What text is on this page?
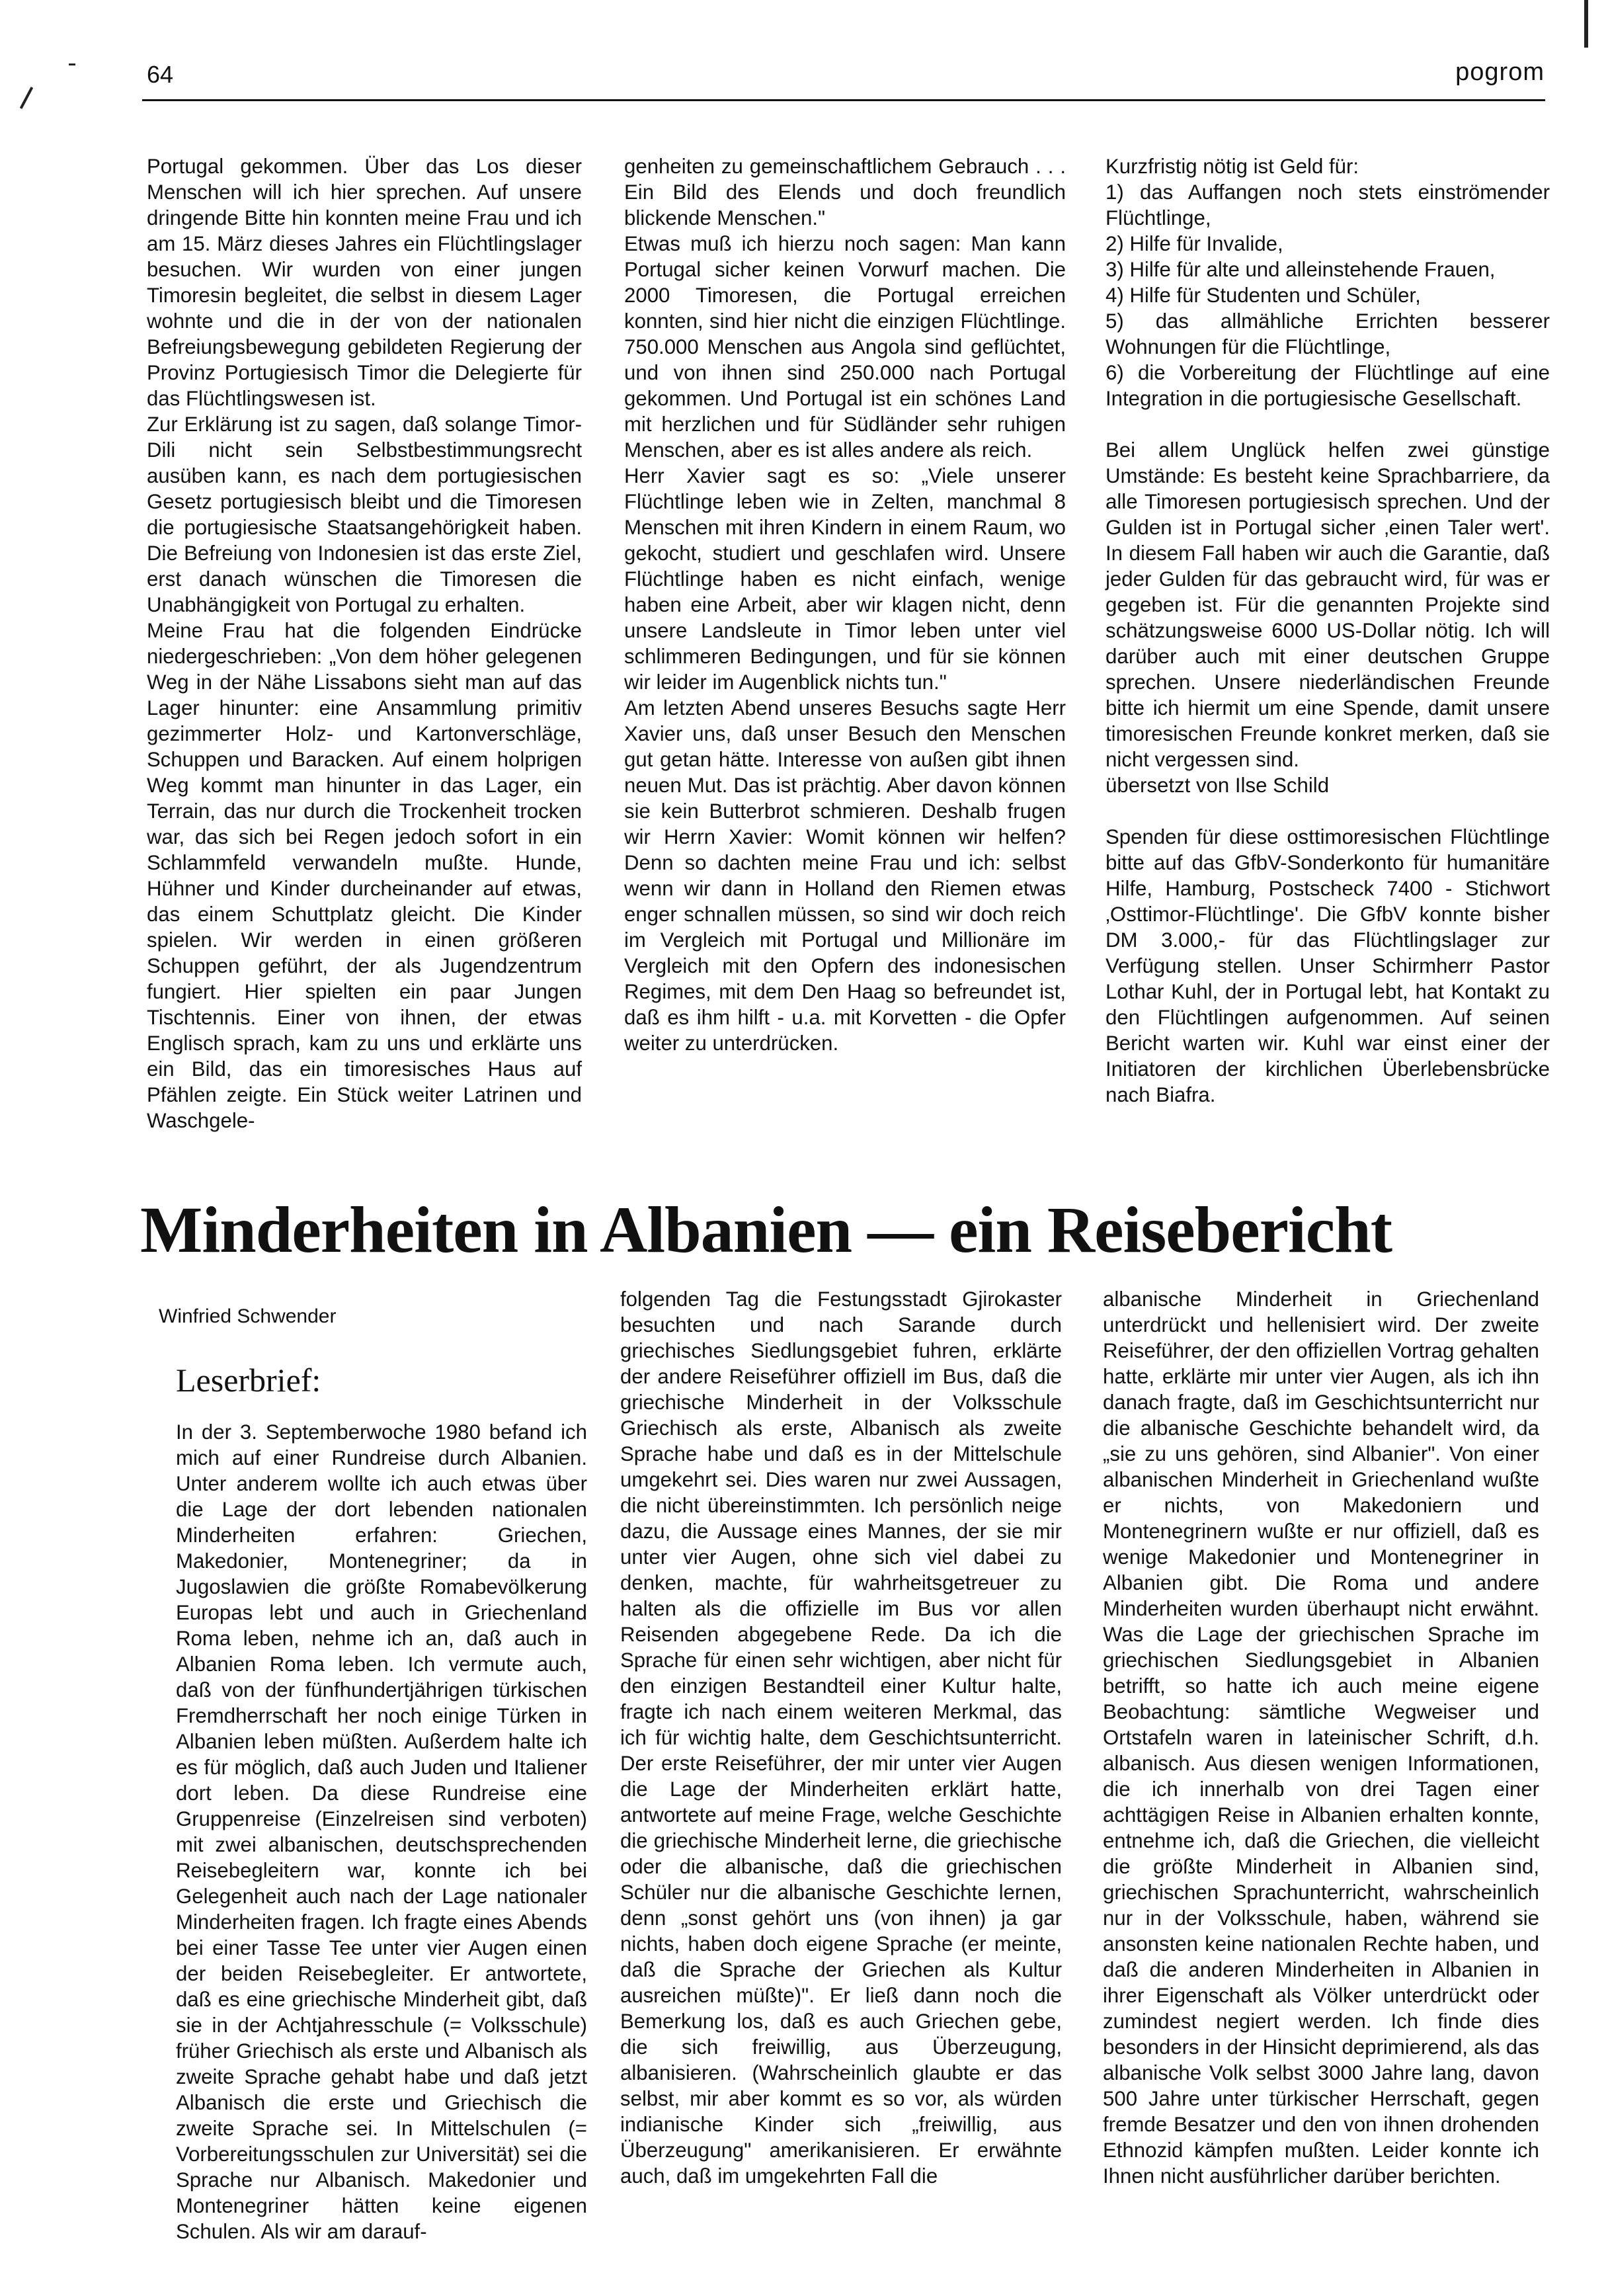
64	pogrom

Portugal gekommen. Über das Los dieser Menschen will ich hier sprechen. Auf unsere dringende Bitte hin konnten meine Frau und ich am 15. März dieses Jahres ein Flüchtlingslager besuchen. Wir wurden von einer jungen Timoresin begleitet, die selbst in diesem Lager wohnte und die in der von der nationalen Befreiungsbewegung gebildeten Regierung der Provinz Portugiesisch Timor die Delegierte für das Flüchtlingswesen ist.

Zur Erklärung ist zu sagen, daß solange Timor-Dili nicht sein Selbstbestimmungsrecht ausüben kann, es nach dem portugiesischen Gesetz portugiesisch bleibt und die Timoresen die portugiesische Staatsangehörigkeit haben. Die Befreiung von Indonesien ist das erste Ziel, erst danach wünschen die Timoresen die Unabhängigkeit von Portugal zu erhalten.

Meine Frau hat die folgenden Eindrücke niedergeschrieben: „Von dem höher gelegenen Weg in der Nähe Lissabons sieht man auf das Lager hinunter: eine Ansammlung primitiv gezimmerter Holz- und Kartonverschläge, Schuppen und Baracken. Auf einem holprigen Weg kommt man hinunter in das Lager, ein Terrain, das nur durch die Trockenheit trocken war, das sich bei Regen jedoch sofort in ein Schlammfeld verwandeln mußte. Hunde, Hühner und Kinder durcheinander auf etwas, das einem Schuttplatz gleicht. Die Kinder spielen. Wir werden in einen größeren Schuppen geführt, der als Jugendzentrum fungiert. Hier spielten ein paar Jungen Tischtennis. Einer von ihnen, der etwas Englisch sprach, kam zu uns und erklärte uns ein Bild, das ein timoresisches Haus auf Pfählen zeigte. Ein Stück weiter Latrinen und Waschgele-

genheiten zu gemeinschaftlichem Gebrauch . . . Ein Bild des Elends und doch freundlich blickende Menschen."

Etwas muß ich hierzu noch sagen: Man kann Portugal sicher keinen Vorwurf machen. Die 2000 Timoresen, die Portugal erreichen konnten, sind hier nicht die einzigen Flüchtlinge. 750.000 Menschen aus Angola sind geflüchtet, und von ihnen sind 250.000 nach Portugal gekommen. Und Portugal ist ein schönes Land mit herzlichen und für Südländer sehr ruhigen Menschen, aber es ist alles andere als reich.

Herr Xavier sagt es so: „Viele unserer Flüchtlinge leben wie in Zelten, manchmal 8 Menschen mit ihren Kindern in einem Raum, wo gekocht, studiert und geschlafen wird. Unsere Flüchtlinge haben es nicht einfach, wenige haben eine Arbeit, aber wir klagen nicht, denn unsere Landsleute in Timor leben unter viel schlimmeren Bedingungen, und für sie können wir leider im Augenblick nichts tun."

Am letzten Abend unseres Besuchs sagte Herr Xavier uns, daß unser Besuch den Menschen gut getan hätte. Interesse von außen gibt ihnen neuen Mut. Das ist prächtig. Aber davon können sie kein Butterbrot schmieren. Deshalb frugen wir Herrn Xavier: Womit können wir helfen? Denn so dachten meine Frau und ich: selbst wenn wir dann in Holland den Riemen etwas enger schnallen müssen, so sind wir doch reich im Vergleich mit Portugal und Millionäre im Vergleich mit den Opfern des indonesischen Regimes, mit dem Den Haag so befreundet ist, daß es ihm hilft - u.a. mit Korvetten - die Opfer weiter zu unterdrücken.

Kurzfristig nötig ist Geld für:

1) das Auffangen noch stets einströmender Flüchtlinge,

2) Hilfe für Invalide,

3) Hilfe für alte und alleinstehende Frauen,

4) Hilfe für Studenten und Schüler,

5) das allmähliche Errichten besserer Wohnungen für die Flüchtlinge,

6) die Vorbereitung der Flüchtlinge auf eine Integration in die portugiesische Gesellschaft.

Bei allem Unglück helfen zwei günstige Umstände: Es besteht keine Sprachbarriere, da alle Timoresen portugiesisch sprechen. Und der Gulden ist in Portugal sicher ‚einen Taler wert'. In diesem Fall haben wir auch die Garantie, daß jeder Gulden für das gebraucht wird, für was er gegeben ist. Für die genannten Projekte sind schätzungsweise 6000 US-Dollar nötig. Ich will darüber auch mit einer deutschen Gruppe sprechen. Unsere niederländischen Freunde bitte ich hiermit um eine Spende, damit unsere timoresischen Freunde konkret merken, daß sie nicht vergessen sind.

übersetzt von Ilse Schild

Spenden für diese osttimoresischen Flüchtlinge bitte auf das GfbV-Sonderkonto für humanitäre Hilfe, Hamburg, Postscheck 7400 - Stichwort ‚Osttimor-Flüchtlinge'. Die GfbV konnte bisher DM 3.000,- für das Flüchtlingslager zur Verfügung stellen. Unser Schirmherr Pastor Lothar Kuhl, der in Portugal lebt, hat Kontakt zu den Flüchtlingen aufgenommen. Auf seinen Bericht warten wir. Kuhl war einst einer der Initiatoren der kirchlichen Überlebensbrücke nach Biafra.

Minderheiten in Albanien — ein Reisebericht
Winfried Schwender
Leserbrief:

In der 3. Septemberwoche 1980 befand ich mich auf einer Rundreise durch Albanien. Unter anderem wollte ich auch etwas über die Lage der dort lebenden nationalen Minderheiten erfahren: Griechen, Makedonier, Montenegriner; da in Jugoslawien die größte Romabevölkerung Europas lebt und auch in Griechenland Roma leben, nehme ich an, daß auch in Albanien Roma leben. Ich vermute auch, daß von der fünfhundertjährigen türkischen Fremdherrschaft her noch einige Türken in Albanien leben müßten. Außerdem halte ich es für möglich, daß auch Juden und Italiener dort leben. Da diese Rundreise eine Gruppenreise (Einzelreisen sind verboten) mit zwei albanischen, deutschsprechenden Reisebegleitern war, konnte ich bei Gelegenheit auch nach der Lage nationaler Minderheiten fragen. Ich fragte eines Abends bei einer Tasse Tee unter vier Augen einen der beiden Reisebegleiter. Er antwortete, daß es eine griechische Minderheit gibt, daß sie in der Achtjahresschule (= Volksschule) früher Griechisch als erste und Albanisch als zweite Sprache gehabt habe und daß jetzt Albanisch die erste und Griechisch die zweite Sprache sei. In Mittelschulen (= Vorbereitungsschulen zur Universität) sei die Sprache nur Albanisch. Makedonier und Montenegriner hätten keine eigenen Schulen. Als wir am darauf-

folgenden Tag die Festungsstadt Gjirokaster besuchten und nach Sarande durch griechisches Siedlungsgebiet fuhren, erklärte der andere Reiseführer offiziell im Bus, daß die griechische Minderheit in der Volksschule Griechisch als erste, Albanisch als zweite Sprache habe und daß es in der Mittelschule umgekehrt sei. Dies waren nur zwei Aussagen, die nicht übereinstimmten. Ich persönlich neige dazu, die Aussage eines Mannes, der sie mir unter vier Augen, ohne sich viel dabei zu denken, machte, für wahrheitsgetreuer zu halten als die offizielle im Bus vor allen Reisenden abgegebene Rede. Da ich die Sprache für einen sehr wichtigen, aber nicht für den einzigen Bestandteil einer Kultur halte, fragte ich nach einem weiteren Merkmal, das ich für wichtig halte, dem Geschichtsunterricht. Der erste Reiseführer, der mir unter vier Augen die Lage der Minderheiten erklärt hatte, antwortete auf meine Frage, welche Geschichte die griechische Minderheit lerne, die griechische oder die albanische, daß die griechischen Schüler nur die albanische Geschichte lernen, denn „sonst gehört uns (von ihnen) ja gar nichts, haben doch eigene Sprache (er meinte, daß die Sprache der Griechen als Kultur ausreichen müßte)". Er ließ dann noch die Bemerkung los, daß es auch Griechen gebe, die sich freiwillig, aus Überzeugung, albanisieren. (Wahrscheinlich glaubte er das selbst, mir aber kommt es so vor, als würden indianische Kinder sich „freiwillig, aus Überzeugung" amerikanisieren. Er erwähnte auch, daß im umgekehrten Fall die

albanische Minderheit in Griechenland unterdrückt und hellenisiert wird. Der zweite Reiseführer, der den offiziellen Vortrag gehalten hatte, erklärte mir unter vier Augen, als ich ihn danach fragte, daß im Geschichtsunterricht nur die albanische Geschichte behandelt wird, da „sie zu uns gehören, sind Albanier". Von einer albanischen Minderheit in Griechenland wußte er nichts, von Makedoniern und Montenegrinern wußte er nur offiziell, daß es wenige Makedonier und Montenegriner in Albanien gibt. Die Roma und andere Minderheiten wurden überhaupt nicht erwähnt. Was die Lage der griechischen Sprache im griechischen Siedlungsgebiet in Albanien betrifft, so hatte ich auch meine eigene Beobachtung: sämtliche Wegweiser und Ortstafeln waren in lateinischer Schrift, d.h. albanisch. Aus diesen wenigen Informationen, die ich innerhalb von drei Tagen einer achttägigen Reise in Albanien erhalten konnte, entnehme ich, daß die Griechen, die vielleicht die größte Minderheit in Albanien sind, griechischen Sprachunterricht, wahrscheinlich nur in der Volksschule, haben, während sie ansonsten keine nationalen Rechte haben, und daß die anderen Minderheiten in Albanien in ihrer Eigenschaft als Völker unterdrückt oder zumindest negiert werden. Ich finde dies besonders in der Hinsicht deprimierend, als das albanische Volk selbst 3000 Jahre lang, davon 500 Jahre unter türkischer Herrschaft, gegen fremde Besatzer und den von ihnen drohenden Ethnozid kämpfen mußten. Leider konnte ich Ihnen nicht ausführlicher darüber berichten.
